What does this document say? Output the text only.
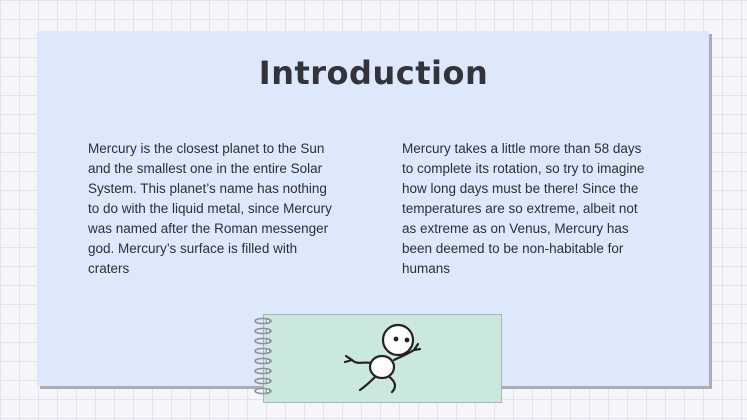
Introduction

Mercury is the closest planet to the Sun and the smallest one in the entire Solar System. This planet’s name has nothing to do with the liquid metal, since Mercury was named after the Roman messenger god. Mercury’s surface is filled with craters

Mercury takes a little more than 58 days to complete its rotation, so try to imagine how long days must be there! Since the temperatures are so extreme, albeit not as extreme as on Venus, Mercury has been deemed to be non-habitable for humans
